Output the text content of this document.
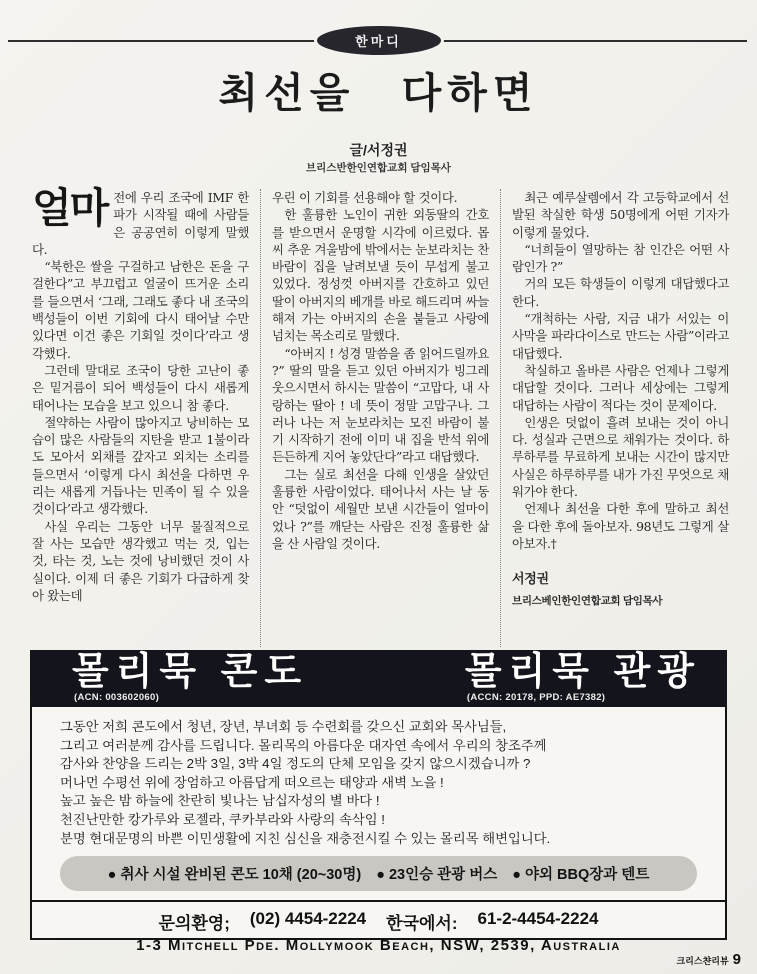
한마디
최선을 다하면
글/서정권
브리스반한인연합교회 담임목사

얼마 전에 우리 조국에 IMF 한파가 시작될 때에 사람들은 공공연히 이렇게 말했다.

“북한은 쌀을 구걸하고 남한은 돈을 구걸한다”고 부끄럽고 얼굴이 뜨거운 소리를 들으면서 ‘그래, 그래도 좋다 내 조국의 백성들이 이번 기회에 다시 태어날 수만 있다면 이건 좋은 기회일 것이다’라고 생각했다.

그런데 말대로 조국이 당한 고난이 좋은 밑거름이 되어 백성들이 다시 새롭게 태어나는 모습을 보고 있으니 참 좋다.

절약하는 사람이 많아지고 낭비하는 모습이 많은 사람들의 지탄을 받고 1불이라도 모아서 외채를 갚자고 외치는 소리를 들으면서 ‘이렇게 다시 최선을 다하면 우리는 새롭게 거듭나는 민족이 될 수 있을 것이다’라고 생각했다.

사실 우리는 그동안 너무 물질적으로 잘 사는 모습만 생각했고 먹는 것, 입는 것, 타는 것, 노는 것에 낭비했던 것이 사실이다. 이제 더 좋은 기회가 다급하게 찾아 왔는데

우린 이 기회를 선용해야 할 것이다.

한 훌륭한 노인이 귀한 외동딸의 간호를 받으면서 운명할 시각에 이르렀다. 몹씨 추운 겨울밤에 밖에서는 눈보라치는 찬 바람이 집을 날려보낼 듯이 무섭게 불고 있었다. 정성껏 아버지를 간호하고 있던 딸이 아버지의 베개를 바로 해드리며 싸늘해져 가는 아버지의 손을 붙들고 사랑에 넘치는 목소리로 말했다.

“아버지 ! 성경 말씀을 좀 읽어드릴까요 ?” 딸의 말을 듣고 있던 아버지가 빙그레 웃으시면서 하시는 말씀이 “고맙다, 내 사랑하는 딸아 ! 네 뜻이 정말 고맙구나. 그러나 나는 저 눈보라치는 모진 바람이 불기 시작하기 전에 이미 내 집을 반석 위에 든든하게 지어 놓았단다”라고 대답했다.

그는 실로 최선을 다해 인생을 살았던 훌륭한 사람이었다. 태어나서 사는 날 동안 “덧없이 세월만 보낸 시간들이 얼마이었나 ?”를 깨닫는 사람은 진정 훌륭한 삶을 산 사람일 것이다.

최근 예루살렘에서 각 고등학교에서 선발된 착실한 학생 50명에게 어떤 기자가 이렇게 물었다.

“너희들이 열망하는 참 인간은 어떤 사람인가 ?”

거의 모든 학생들이 이렇게 대답했다고 한다.

“개척하는 사람, 지금 내가 서있는 이 사막을 파라다이스로 만드는 사람”이라고 대답했다.

착실하고 올바른 사람은 언제나 그렇게 대답할 것이다. 그러나 세상에는 그렇게 대답하는 사람이 적다는 것이 문제이다.

인생은 덧없이 흘려 보내는 것이 아니다. 성실과 근면으로 채워가는 것이다. 하루하루를 무료하게 보내는 시간이 많지만 사실은 하루하루를 내가 가진 무엇으로 채워가야 한다.

언제나 최선을 다한 후에 말하고 최선을 다한 후에 돌아보자. 98년도 그렇게 살아보자.†

서정권

브리스베인한인연합교회 담임목사

몰리묵 콘도
(ACN: 003602060)
몰리묵 관광
(ACCN: 20178, PPD: AE7382)

그동안 저희 콘도에서 청년, 장년, 부녀회 등 수련회를 갖으신 교회와 목사님들,

그리고 여러분께 감사를 드립니다. 몰리목의 아름다운 대자연 속에서 우리의 창조주께

감사와 찬양을 드리는 2박 3일, 3박 4일 정도의 단체 모임을 갖지 않으시겠습니까 ?

머나먼 수평선 위에 장엄하고 아름답게 떠오르는 태양과 새벽 노을 !

높고 높은 밤 하늘에 찬란히 빛나는 남십자성의 별 바다 !

천진난만한 캉가루와 로젤라, 쿠카부라와 사랑의 속삭임 !

분명 현대문명의 바쁜 이민생활에 지친 심신을 재충전시킬 수 있는 몰리목 해변입니다.

● 취사 시설 완비된 콘도 10채 (20~30명) ● 23인승 관광 버스 ● 야외 BBQ장과 텐트
문의환영; (02) 4454-2224 한국에서: 61-2-4454-2224
1-3 Mitchell Pde. Mollymook Beach, NSW, 2539, Australia
크리스챤리뷰 9
